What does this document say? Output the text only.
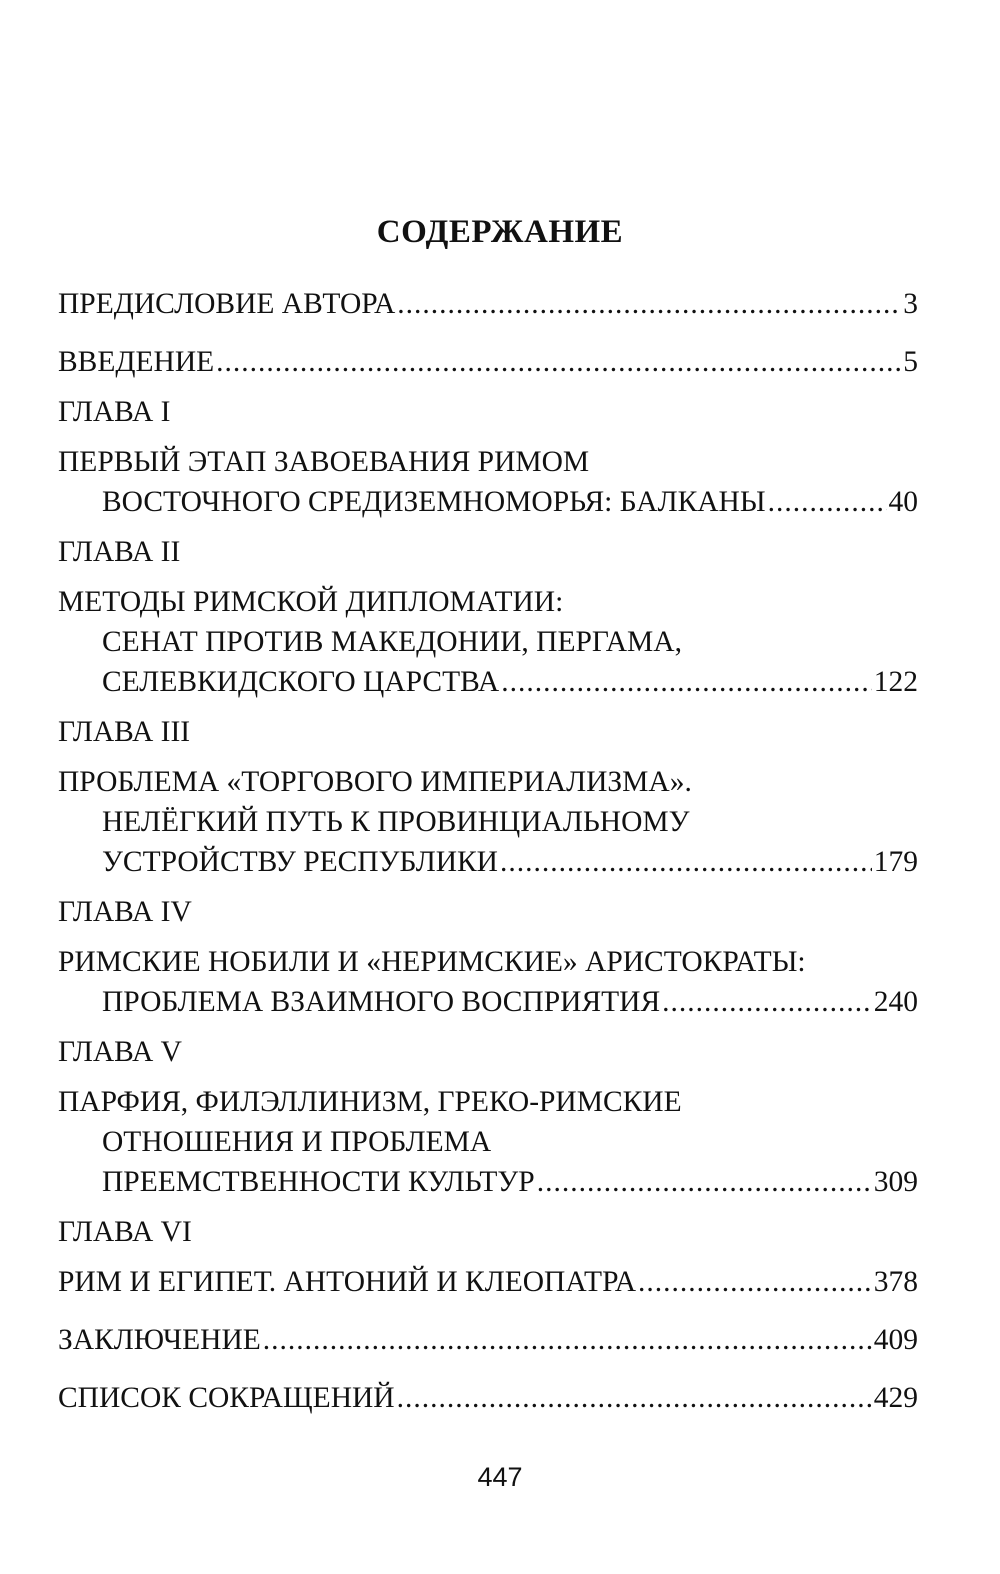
СОДЕРЖАНИЕ
ПРЕДИСЛОВИЕ АВТОРА .....	3
ВВЕДЕНИЕ .....	5
ГЛАВА I
ПЕРВЫЙ ЭТАП ЗАВОЕВАНИЯ РИМОМ
ВОСТОЧНОГО СРЕДИЗЕМНОМОРЬЯ: БАЛКАНЫ .....	40
ГЛАВА II
МЕТОДЫ РИМСКОЙ ДИПЛОМАТИИ:
СЕНАТ ПРОТИВ МАКЕДОНИИ, ПЕРГАМА,
СЕЛЕВКИДСКОГО ЦАРСТВА .....	122
ГЛАВА III
ПРОБЛЕМА «ТОРГОВОГО ИМПЕРИАЛИЗМА».
НЕЛЁГКИЙ ПУТЬ К ПРОВИНЦИАЛЬНОМУ
УСТРОЙСТВУ РЕСПУБЛИКИ .....	179
ГЛАВА IV
РИМСКИЕ НОБИЛИ И «НЕРИМСКИЕ» АРИСТОКРАТЫ:
ПРОБЛЕМА ВЗАИМНОГО ВОСПРИЯТИЯ .....	240
ГЛАВА V
ПАРФИЯ, ФИЛЭЛЛИНИЗМ, ГРЕКО-РИМСКИЕ
ОТНОШЕНИЯ И ПРОБЛЕМА
ПРЕЕМСТВЕННОСТИ КУЛЬТУР .....	309
ГЛАВА VI
РИМ И ЕГИПЕТ. АНТОНИЙ И КЛЕОПАТРА .....	378
ЗАКЛЮЧЕНИЕ .....	409
СПИСОК СОКРАЩЕНИЙ .....	429
447
